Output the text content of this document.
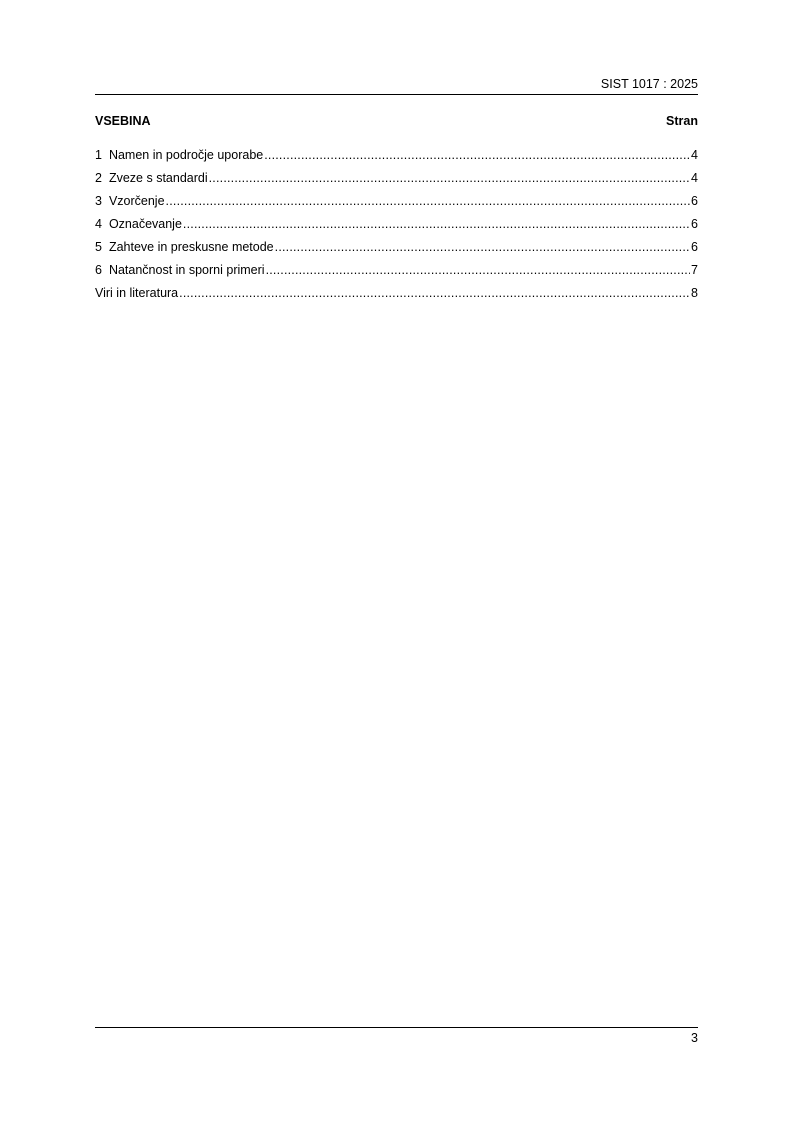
SIST 1017 : 2025
VSEBINA	Stran
1 Namen in področje uporabe .....	4
2 Zveze s standardi .....	4
3 Vzorčenje .....	6
4 Označevanje .....	6
5 Zahteve in preskusne metode .....	6
6 Natančnost in sporni primeri .....	7
Viri in literatura .....	8
3
